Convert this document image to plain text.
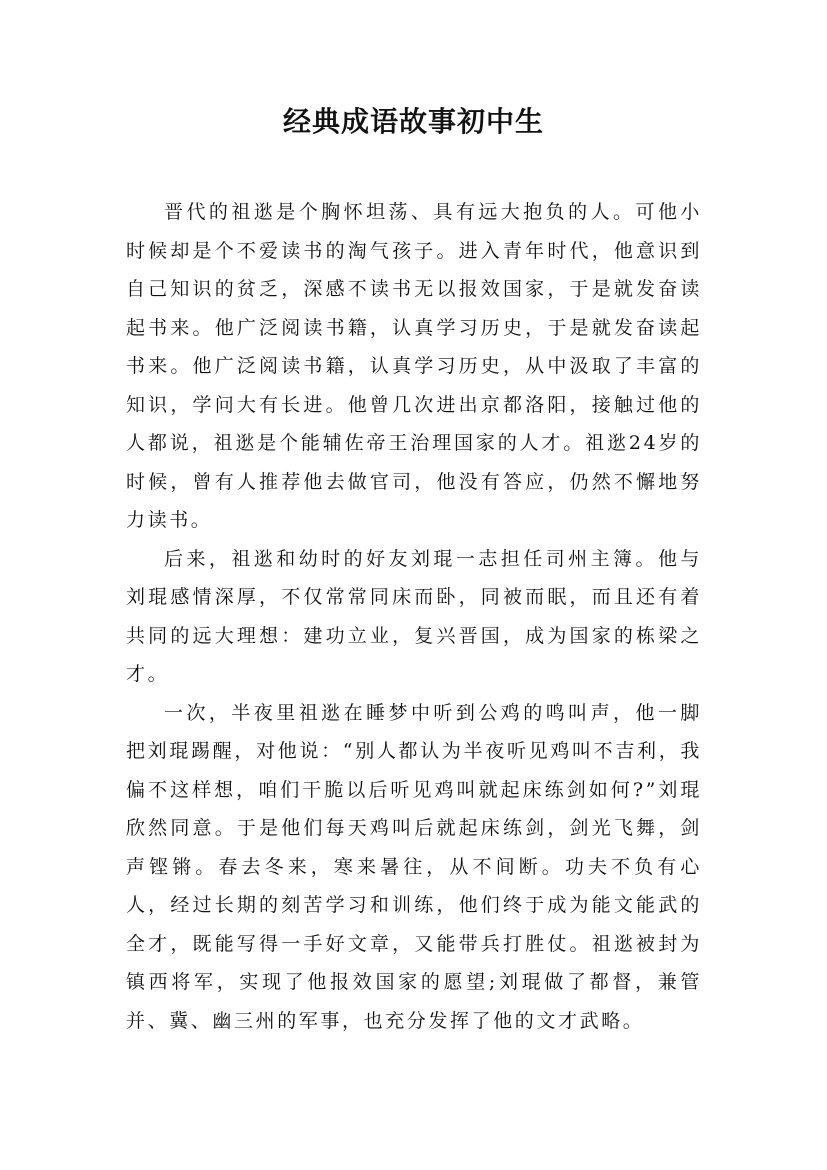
经典成语故事初中生

晋代的祖逖是个胸怀坦荡、具有远大抱负的人。可他小时候却是个不爱读书的淘气孩子。进入青年时代，他意识到自己知识的贫乏，深感不读书无以报效国家，于是就发奋读起书来。他广泛阅读书籍，认真学习历史，于是就发奋读起书来。他广泛阅读书籍，认真学习历史，从中汲取了丰富的知识，学问大有长进。他曾几次进出京都洛阳，接触过他的人都说，祖逖是个能辅佐帝王治理国家的人才。祖逖24岁的时候，曾有人推荐他去做官司，他没有答应，仍然不懈地努力读书。

后来，祖逖和幼时的好友刘琨一志担任司州主簿。他与刘琨感情深厚，不仅常常同床而卧，同被而眠，而且还有着共同的远大理想：建功立业，复兴晋国，成为国家的栋梁之才。

一次，半夜里祖逖在睡梦中听到公鸡的鸣叫声，他一脚把刘琨踢醒，对他说：“别人都认为半夜听见鸡叫不吉利，我偏不这样想，咱们干脆以后听见鸡叫就起床练剑如何?”刘琨欣然同意。于是他们每天鸡叫后就起床练剑，剑光飞舞，剑声铿锵。春去冬来，寒来暑往，从不间断。功夫不负有心人，经过长期的刻苦学习和训练，他们终于成为能文能武的全才，既能写得一手好文章，又能带兵打胜仗。祖逖被封为镇西将军，实现了他报效国家的愿望;刘琨做了都督，兼管并、冀、幽三州的军事，也充分发挥了他的文才武略。
